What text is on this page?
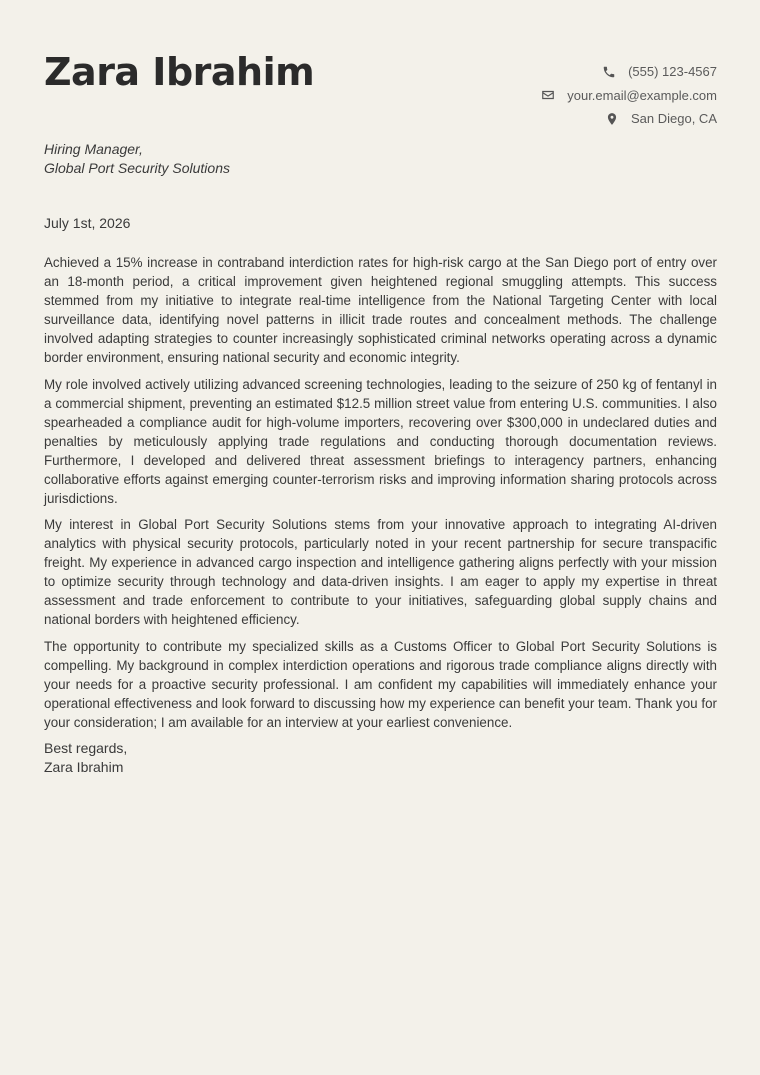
Zara Ibrahim	(555) 123-4567
your.email@example.com
San Diego, CA
Hiring Manager,
Global Port Security Solutions
July 1st, 2026

Achieved a 15% increase in contraband interdiction rates for high-risk cargo at the San Diego port of entry over an 18-month period, a critical improvement given heightened regional smuggling attempts. This success stemmed from my initiative to integrate real-time intelligence from the National Targeting Center with local surveillance data, identifying novel patterns in illicit trade routes and concealment methods. The challenge involved adapting strategies to counter increasingly sophisticated criminal networks operating across a dynamic border environment, ensuring national security and economic integrity.

My role involved actively utilizing advanced screening technologies, leading to the seizure of 250 kg of fentanyl in a commercial shipment, preventing an estimated $12.5 million street value from entering U.S. communities. I also spearheaded a compliance audit for high-volume importers, recovering over $300,000 in undeclared duties and penalties by meticulously applying trade regulations and conducting thorough documentation reviews. Furthermore, I developed and delivered threat assessment briefings to interagency partners, enhancing collaborative efforts against emerging counter-terrorism risks and improving information sharing protocols across jurisdictions.

My interest in Global Port Security Solutions stems from your innovative approach to integrating AI-driven analytics with physical security protocols, particularly noted in your recent partnership for secure transpacific freight. My experience in advanced cargo inspection and intelligence gathering aligns perfectly with your mission to optimize security through technology and data-driven insights. I am eager to apply my expertise in threat assessment and trade enforcement to contribute to your initiatives, safeguarding global supply chains and national borders with heightened efficiency.

The opportunity to contribute my specialized skills as a Customs Officer to Global Port Security Solutions is compelling. My background in complex interdiction operations and rigorous trade compliance aligns directly with your needs for a proactive security professional. I am confident my capabilities will immediately enhance your operational effectiveness and look forward to discussing how my experience can benefit your team. Thank you for your consideration; I am available for an interview at your earliest convenience.

Best regards,
Zara Ibrahim
